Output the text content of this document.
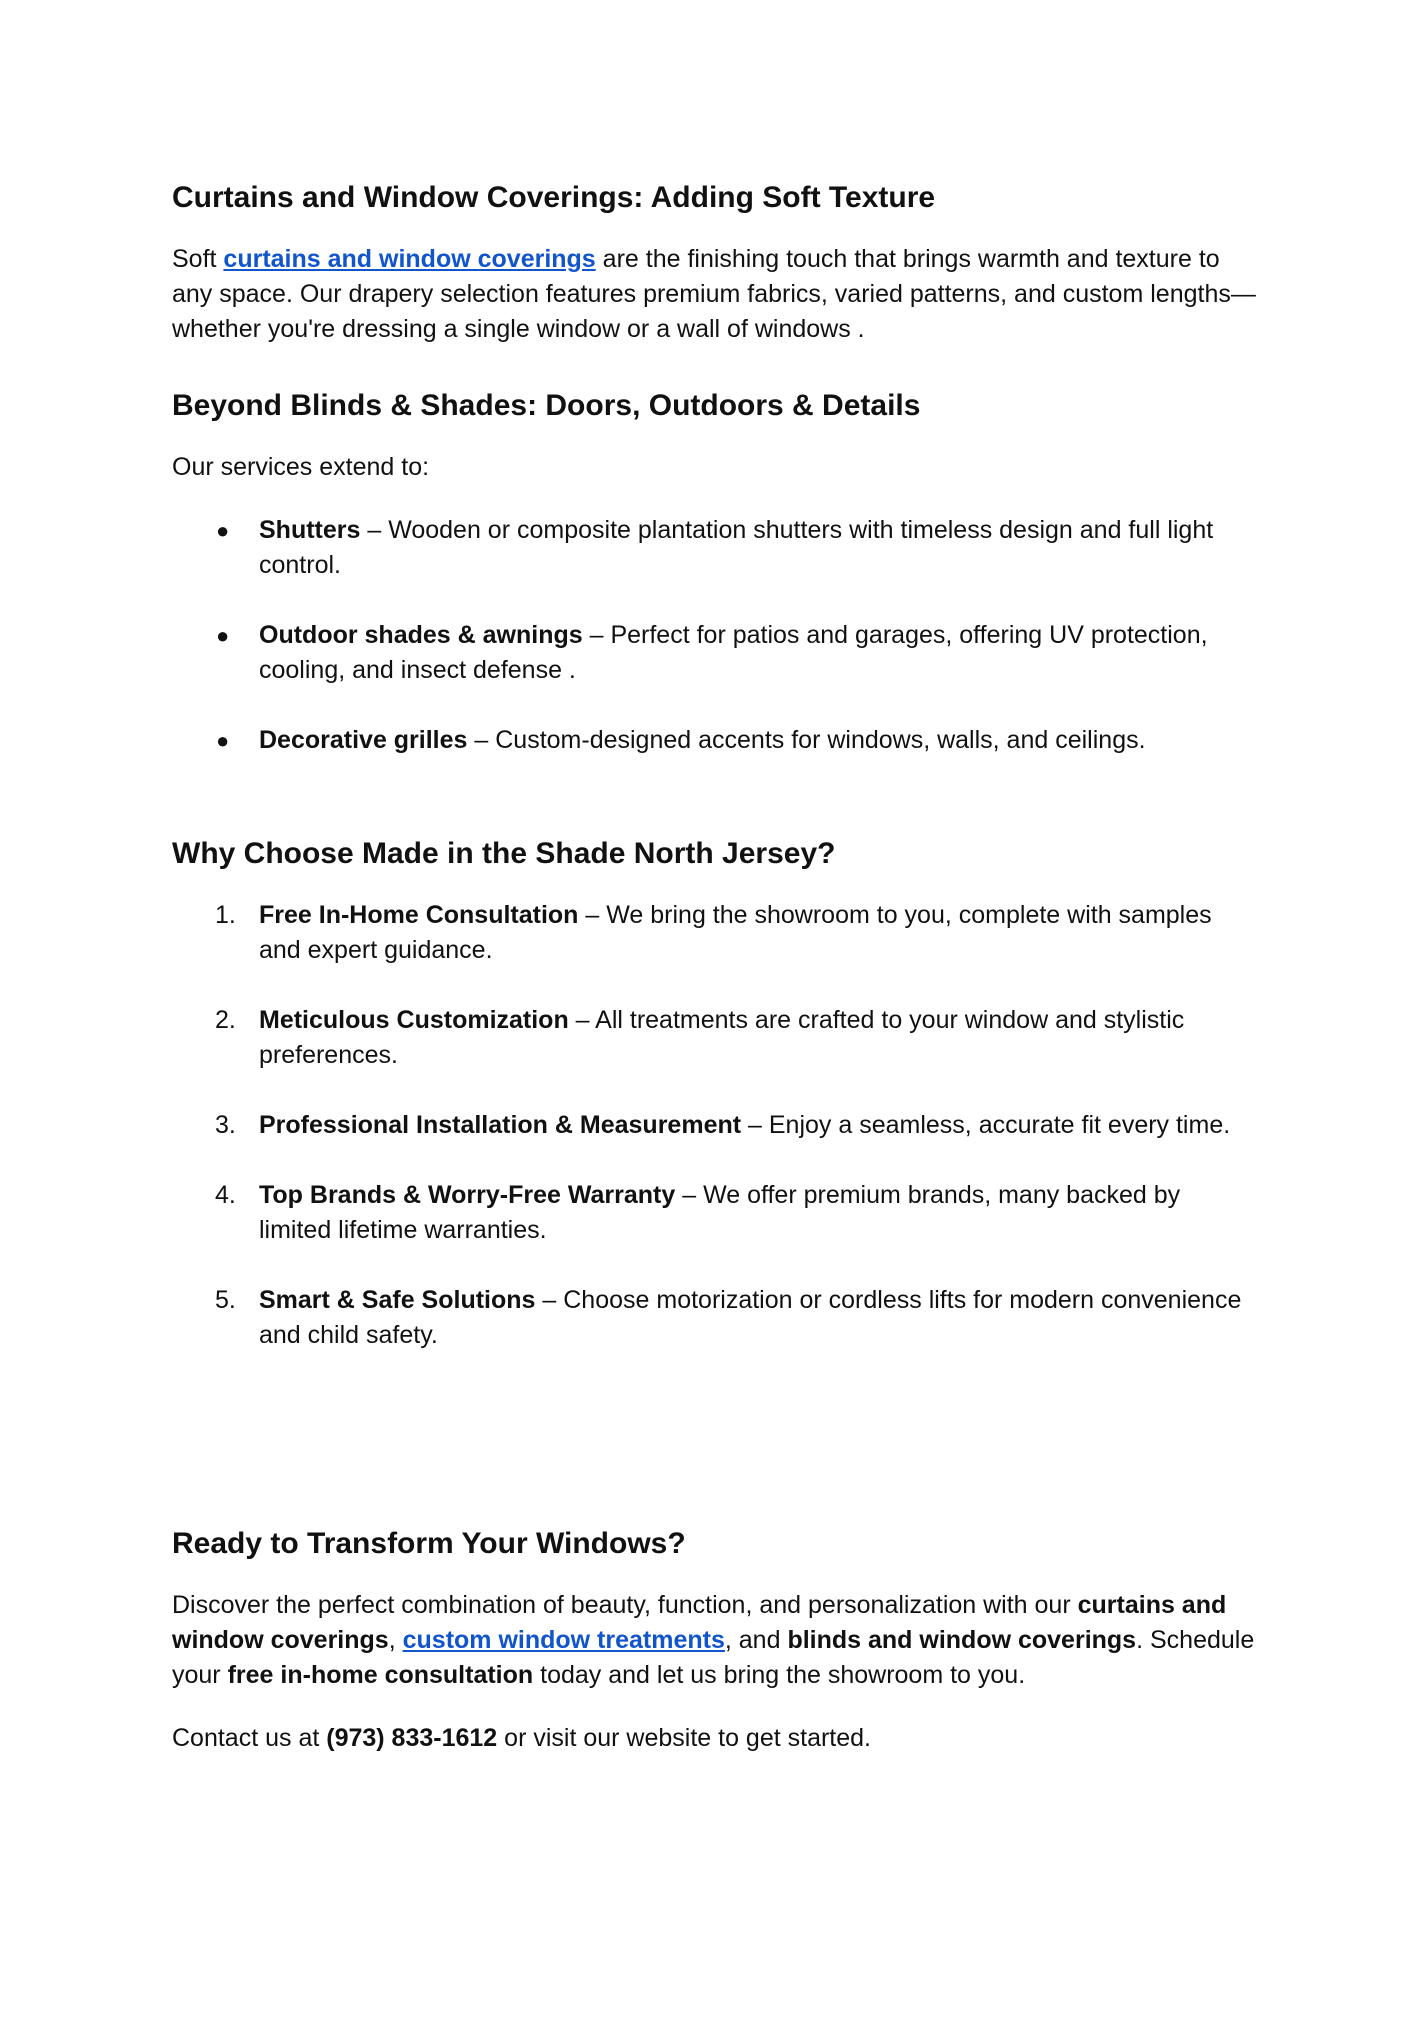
Curtains and Window Coverings: Adding Soft Texture

Soft curtains and window coverings are the finishing touch that brings warmth and texture to any space. Our drapery selection features premium fabrics, varied patterns, and custom lengths—whether you're dressing a single window or a wall of windows .

Beyond Blinds & Shades: Doors, Outdoors & Details

Our services extend to:

● Shutters – Wooden or composite plantation shutters with timeless design and full light control.
● Outdoor shades & awnings – Perfect for patios and garages, offering UV protection, cooling, and insect defense .
● Decorative grilles – Custom-designed accents for windows, walls, and ceilings.
Why Choose Made in the Shade North Jersey?
1. Free In‑Home Consultation – We bring the showroom to you, complete with samples and expert guidance.
2. Meticulous Customization – All treatments are crafted to your window and stylistic preferences.
3. Professional Installation & Measurement – Enjoy a seamless, accurate fit every time.
4. Top Brands & Worry‑Free Warranty – We offer premium brands, many backed by limited lifetime warranties.
5. Smart & Safe Solutions – Choose motorization or cordless lifts for modern convenience and child safety.
Ready to Transform Your Windows?

Discover the perfect combination of beauty, function, and personalization with our curtains and window coverings, custom window treatments, and blinds and window coverings. Schedule your free in‑home consultation today and let us bring the showroom to you.

Contact us at (973) 833‑1612 or visit our website to get started.
